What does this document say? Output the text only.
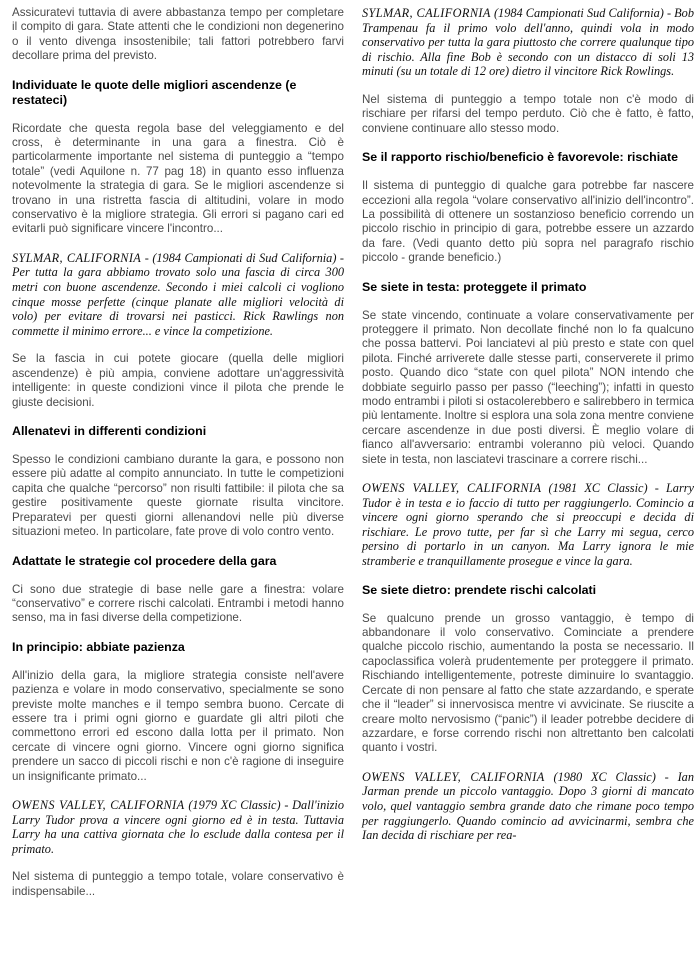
Assicuratevi tuttavia di avere abbastanza tempo per completare il compito di gara. State attenti che le condizioni non degenerino o il vento divenga insostenibile; tali fattori potrebbero farvi decollare prima del previsto.

Individuate le quote delle migliori ascendenze (e restateci)

Ricordate che questa regola base del veleggiamento e del cross, è determinante in una gara a finestra. Ciò è particolarmente importante nel sistema di punteggio a “tempo totale” (vedi Aquilone n. 77 pag 18) in quanto esso influenza notevolmente la strategia di gara. Se le migliori ascendenze si trovano in una ristretta fascia di altitudini, volare in modo conservativo è la migliore strategia. Gli errori si pagano cari ed evitarli può significare vincere l'incontro...

SYLMAR, CALIFORNIA - (1984 Campionati di Sud California) - Per tutta la gara abbiamo trovato solo una fascia di circa 300 metri con buone ascendenze. Secondo i miei calcoli ci vogliono cinque mosse perfette (cinque planate alle migliori velocità di volo) per evitare di trovarsi nei pasticci. Rick Rawlings non commette il minimo errore... e vince la competizione.

Se la fascia in cui potete giocare (quella delle migliori ascendenze) è più ampia, conviene adottare un'aggressività intelligente: in queste condizioni vince il pilota che prende le giuste decisioni.

Allenatevi in differenti condizioni

Spesso le condizioni cambiano durante la gara, e possono non essere più adatte al compito annunciato. In tutte le competizioni capita che qualche “percorso” non risulti fattibile: il pilota che sa gestire positivamente queste giornate risulta vincitore. Preparatevi per questi giorni allenandovi nelle più diverse situazioni meteo. In particolare, fate prove di volo contro vento.

Adattate le strategie col procedere della gara

Ci sono due strategie di base nelle gare a finestra: volare “conservativo” e correre rischi calcolati. Entrambi i metodi hanno senso, ma in fasi diverse della competizione.

In principio: abbiate pazienza

All'inizio della gara, la migliore strategia consiste nell'avere pazienza e volare in modo conservativo, specialmente se sono previste molte manches e il tempo sembra buono. Cercate di essere tra i primi ogni giorno e guardate gli altri piloti che commettono errori ed escono dalla lotta per il primato. Non cercate di vincere ogni giorno. Vincere ogni giorno significa prendere un sacco di piccoli rischi e non c'è ragione di inseguire un insignificante primato...

OWENS VALLEY, CALIFORNIA (1979 XC Classic) - Dall'inizio Larry Tudor prova a vincere ogni giorno ed è in testa. Tuttavia Larry ha una cattiva giornata che lo esclude dalla contesa per il primato.

Nel sistema di punteggio a tempo totale, volare conservativo è indispensabile...

SYLMAR, CALIFORNIA (1984 Campionati Sud California) - Bob Trampenau fa il primo volo dell'anno, quindi vola in modo conservativo per tutta la gara piuttosto che correre qualunque tipo di rischio. Alla fine Bob è secondo con un distacco di soli 13 minuti (su un totale di 12 ore) dietro il vincitore Rick Rowlings.

Nel sistema di punteggio a tempo totale non c'è modo di rischiare per rifarsi del tempo perduto. Ciò che è fatto, è fatto, conviene continuare allo stesso modo.

Se il rapporto rischio/beneficio è favorevole: rischiate

Il sistema di punteggio di qualche gara potrebbe far nascere eccezioni alla regola “volare conservativo all'inizio dell'incontro”. La possibilità di ottenere un sostanzioso beneficio correndo un piccolo rischio in principio di gara, potrebbe essere un azzardo da fare. (Vedi quanto detto più sopra nel paragrafo rischio piccolo - grande beneficio.)

Se siete in testa: proteggete il primato

Se state vincendo, continuate a volare conservativamente per proteggere il primato. Non decollate finché non lo fa qualcuno che possa battervi. Poi lanciatevi al più presto e state con quel pilota. Finché arriverete dalle stesse parti, conserverete il primo posto. Quando dico “state con quel pilota” NON intendo che dobbiate seguirlo passo per passo (“leeching”); infatti in questo modo entrambi i piloti si ostacolerebbero e salirebbero in termica più lentamente. Inoltre si esplora una sola zona mentre conviene cercare ascendenze in due posti diversi. È meglio volare di fianco all'avversario: entrambi voleranno più veloci. Quando siete in testa, non lasciatevi trascinare a correre rischi...

OWENS VALLEY, CALIFORNIA (1981 XC Classic) - Larry Tudor è in testa e io faccio di tutto per raggiungerlo. Comincio a vincere ogni giorno sperando che si preoccupi e decida di rischiare. Le provo tutte, per far sì che Larry mi segua, cerco persino di portarlo in un canyon. Ma Larry ignora le mie stramberie e tranquillamente prosegue e vince la gara.

Se siete dietro: prendete rischi calcolati

Se qualcuno prende un grosso vantaggio, è tempo di abbandonare il volo conservativo. Cominciate a prendere qualche piccolo rischio, aumentando la posta se necessario. Il capoclassifica volerà prudentemente per proteggere il primato. Rischiando intelligentemente, potreste diminuire lo svantaggio. Cercate di non pensare al fatto che state azzardando, e sperate che il “leader” si innervosisca mentre vi avvicinate. Se riuscite a creare molto nervosismo (“panic”) il leader potrebbe decidere di azzardare, e forse correndo rischi non altrettanto ben calcolati quanto i vostri.

OWENS VALLEY, CALIFORNIA (1980 XC Classic) - Ian Jarman prende un piccolo vantaggio. Dopo 3 giorni di mancato volo, quel vantaggio sembra grande dato che rimane poco tempo per raggiungerlo. Quando comincio ad avvicinarmi, sembra che Ian decida di rischiare per rea-
